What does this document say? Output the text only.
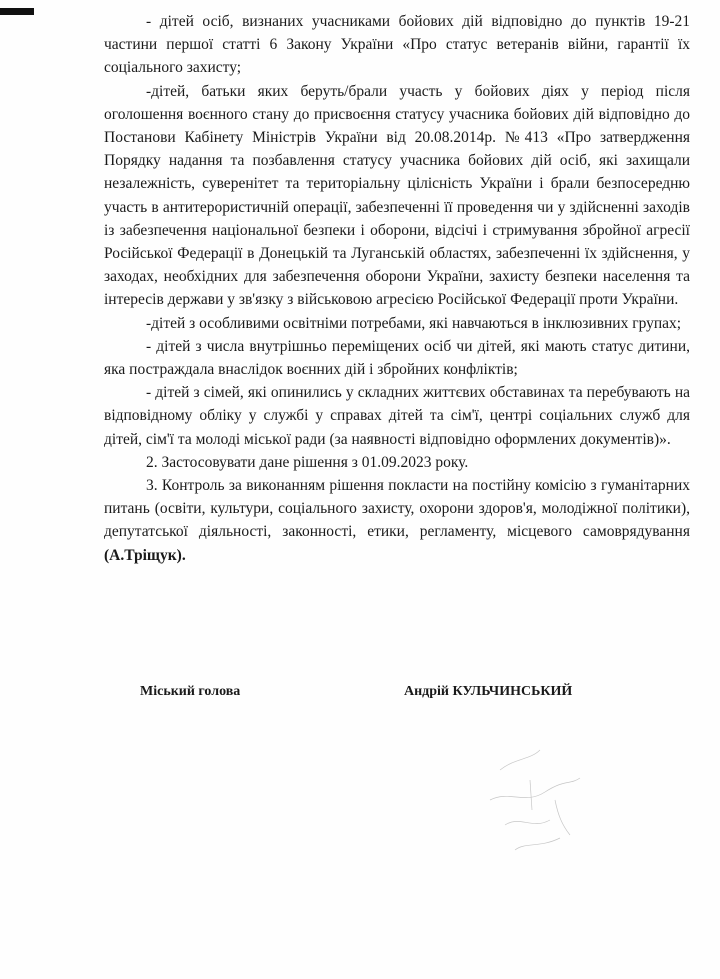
- дітей осіб, визнаних учасниками бойових дій відповідно до пунктів 19-21 частини першої статті 6 Закону України «Про статус ветеранів війни, гарантії їх соціального захисту;

-дітей, батьки яких беруть/брали участь у бойових діях у період після оголошення воєнного стану до присвоєння статусу учасника бойових дій відповідно до Постанови Кабінету Міністрів України від 20.08.2014р. №413 «Про затвердження Порядку надання та позбавлення статусу учасника бойових дій осіб, які захищали незалежність, суверенітет та територіальну цілісність України і брали безпосередню участь в антитерористичній операції, забезпеченні її проведення чи у здійсненні заходів із забезпечення національної безпеки і оборони, відсічі і стримування збройної агресії Російської Федерації в Донецькій та Луганській областях, забезпеченні їх здійснення, у заходах, необхідних для забезпечення оборони України, захисту безпеки населення та інтересів держави у зв'язку з військовою агресією Російської Федерації проти України.

-дітей з особливими освітніми потребами, які навчаються в інклюзивних групах;

- дітей з числа внутрішньо переміщених осіб чи дітей, які мають статус дитини, яка постраждала внаслідок воєнних дій і збройних конфліктів;

- дітей з сімей, які опинились у складних життєвих обставинах та перебувають на відповідному обліку у службі у справах дітей та сім'ї, центрі соціальних служб для дітей, сім'ї та молоді міської ради (за наявності відповідно оформлених документів)».

2. Застосовувати дане рішення з 01.09.2023 року.

3. Контроль за виконанням рішення покласти на постійну комісію з гуманітарних питань (освіти, культури, соціального захисту, охорони здоров'я, молодіжної політики), депутатської діяльності, законності, етики, регламенту, місцевого самоврядування (А.Тріщук).

Міський голова	Андрій КУЛЬЧИНСЬКИЙ
